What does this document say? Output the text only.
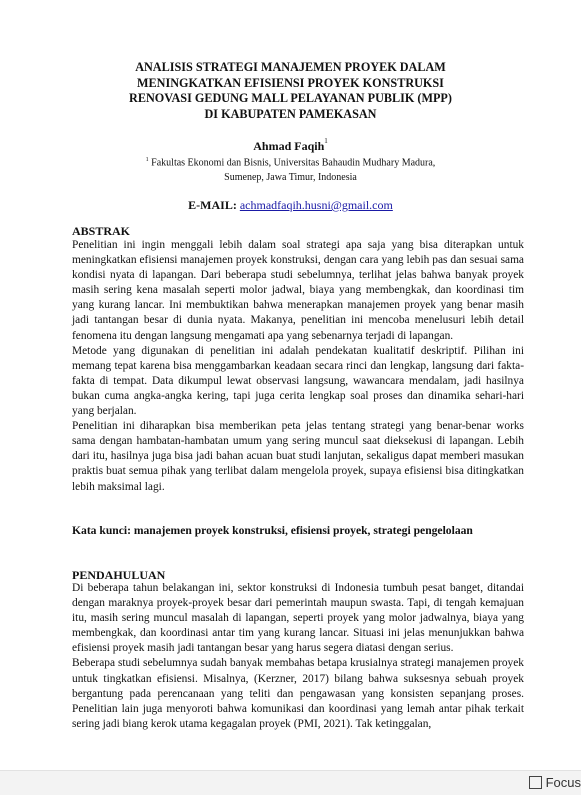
ANALISIS STRATEGI MANAJEMEN PROYEK DALAM
MENINGKATKAN EFISIENSI PROYEK KONSTRUKSI
RENOVASI GEDUNG MALL PELAYANAN PUBLIK (MPP)
DI KABUPATEN PAMEKASAN
Ahmad Faqih$^1$
$^1$ Fakultas Ekonomi dan Bisnis, Universitas Bahaudin Mudhary Madura,
Sumenep, Jawa Timur, Indonesia
E-MAIL: achmadfaqih.husni@gmail.com
ABSTRAK

Penelitian ini ingin menggali lebih dalam soal strategi apa saja yang bisa diterapkan untuk meningkatkan efisiensi manajemen proyek konstruksi, dengan cara yang lebih pas dan sesuai sama kondisi nyata di lapangan. Dari beberapa studi sebelumnya, terlihat jelas bahwa banyak proyek masih sering kena masalah seperti molor jadwal, biaya yang membengkak, dan koordinasi tim yang kurang lancar. Ini membuktikan bahwa menerapkan manajemen proyek yang benar masih jadi tantangan besar di dunia nyata. Makanya, penelitian ini mencoba menelusuri lebih detail fenomena itu dengan langsung mengamati apa yang sebenarnya terjadi di lapangan.

Metode yang digunakan di penelitian ini adalah pendekatan kualitatif deskriptif. Pilihan ini memang tepat karena bisa menggambarkan keadaan secara rinci dan lengkap, langsung dari fakta-fakta di tempat. Data dikumpul lewat observasi langsung, wawancara mendalam, jadi hasilnya bukan cuma angka-angka kering, tapi juga cerita lengkap soal proses dan dinamika sehari-hari yang berjalan.

Penelitian ini diharapkan bisa memberikan peta jelas tentang strategi yang benar-benar works sama dengan hambatan-hambatan umum yang sering muncul saat dieksekusi di lapangan. Lebih dari itu, hasilnya juga bisa jadi bahan acuan buat studi lanjutan, sekaligus dapat memberi masukan praktis buat semua pihak yang terlibat dalam mengelola proyek, supaya efisiensi bisa ditingkatkan lebih maksimal lagi.

Kata kunci: manajemen proyek konstruksi, efisiensi proyek, strategi pengelolaan
PENDAHULUAN

Di beberapa tahun belakangan ini, sektor konstruksi di Indonesia tumbuh pesat banget, ditandai dengan maraknya proyek-proyek besar dari pemerintah maupun swasta. Tapi, di tengah kemajuan itu, masih sering muncul masalah di lapangan, seperti proyek yang molor jadwalnya, biaya yang membengkak, dan koordinasi antar tim yang kurang lancar. Situasi ini jelas menunjukkan bahwa efisiensi proyek masih jadi tantangan besar yang harus segera diatasi dengan serius.

Beberapa studi sebelumnya sudah banyak membahas betapa krusialnya strategi manajemen proyek untuk tingkatkan efisiensi. Misalnya, (Kerzner, 2017) bilang bahwa suksesnya sebuah proyek bergantung pada perencanaan yang teliti dan pengawasan yang konsisten sepanjang proses. Penelitian lain juga menyoroti bahwa komunikasi dan koordinasi yang lemah antar pihak terkait sering jadi biang kerok utama kegagalan proyek (PMI, 2021). Tak ketinggalan,

Focus
